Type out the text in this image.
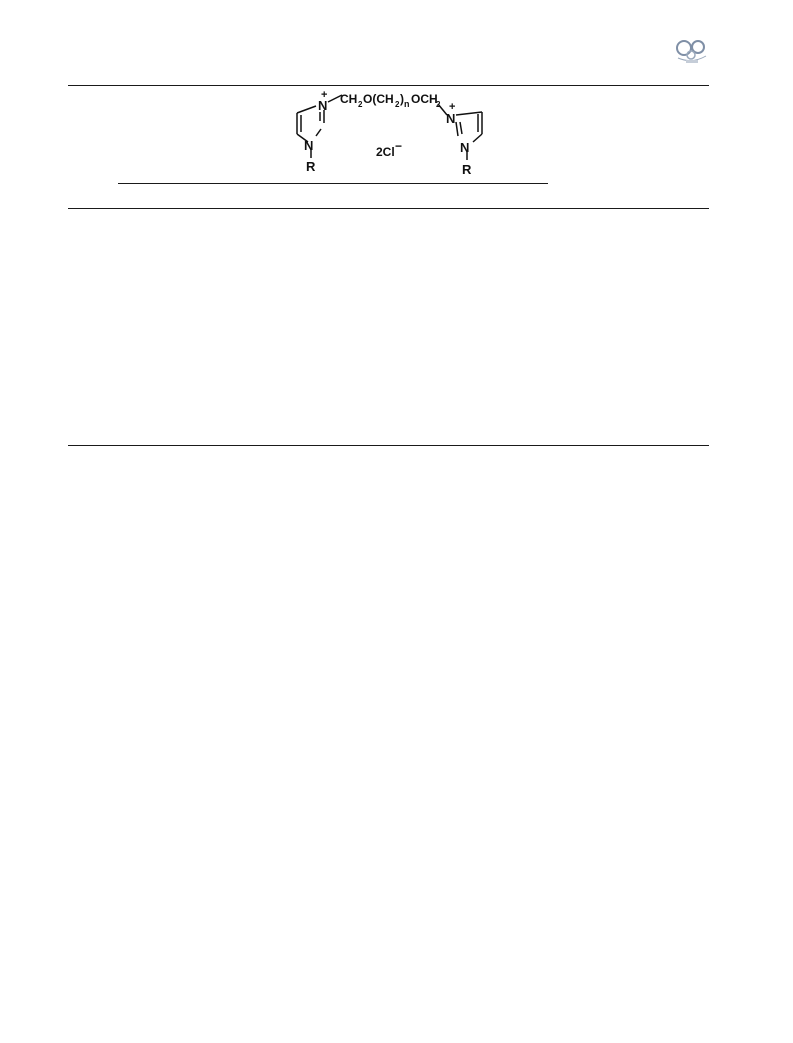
N
+
N
R
CH 2 O(CH 2 ) n OCH
2
N
+
N
R
2Cl −
